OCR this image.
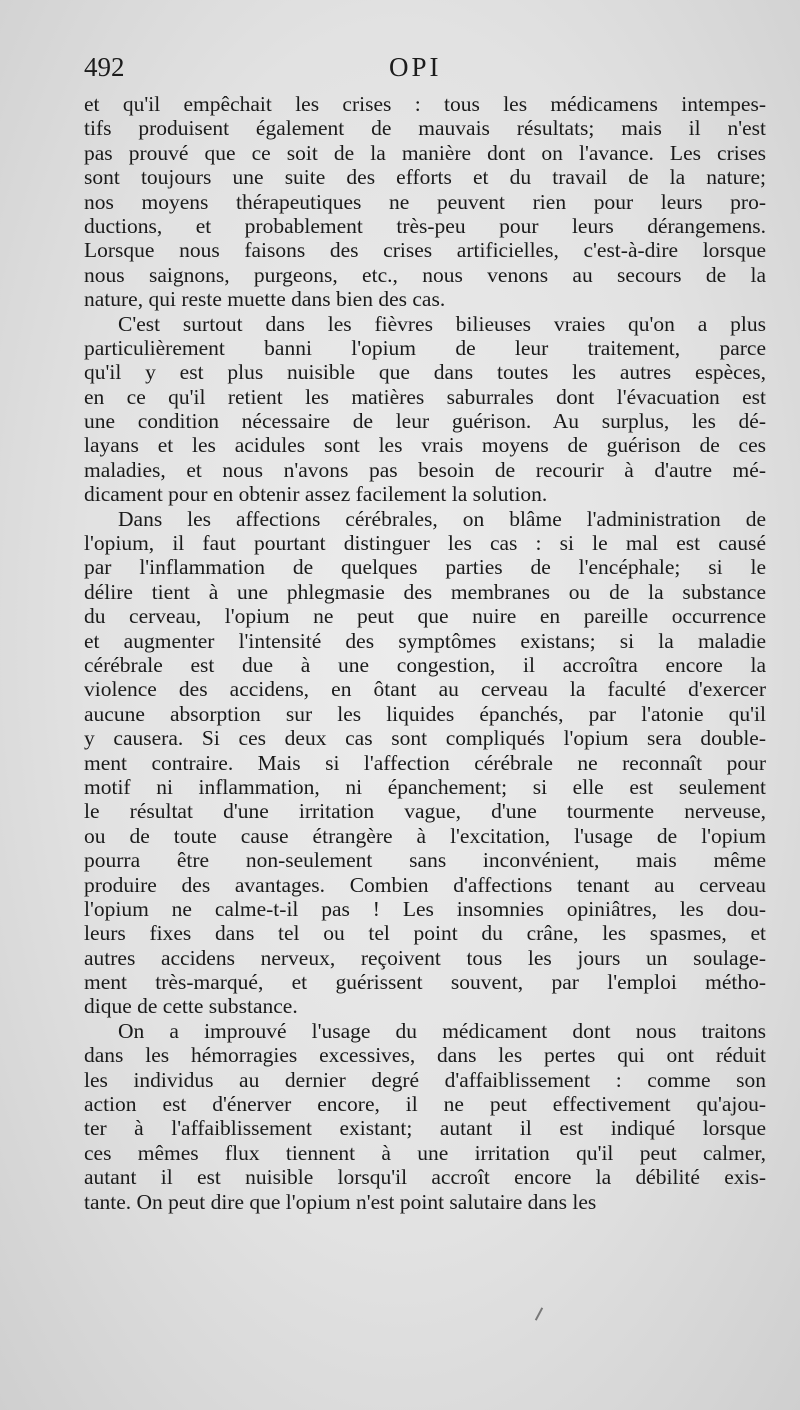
492	OPI
et qu'il empêchait les crises : tous les médicamens intempes-
tifs produisent également de mauvais résultats; mais il n'est
pas prouvé que ce soit de la manière dont on l'avance. Les crises
sont toujours une suite des efforts et du travail de la nature;
nos moyens thérapeutiques ne peuvent rien pour leurs pro-
ductions, et probablement très-peu pour leurs dérangemens.
Lorsque nous faisons des crises artificielles, c'est-à-dire lorsque
nous saignons, purgeons, etc., nous venons au secours de la
nature, qui reste muette dans bien des cas.
C'est surtout dans les fièvres bilieuses vraies qu'on a plus
particulièrement banni l'opium de leur traitement, parce
qu'il y est plus nuisible que dans toutes les autres espèces,
en ce qu'il retient les matières saburrales dont l'évacuation est
une condition nécessaire de leur guérison. Au surplus, les dé-
layans et les acidules sont les vrais moyens de guérison de ces
maladies, et nous n'avons pas besoin de recourir à d'autre mé-
dicament pour en obtenir assez facilement la solution.
Dans les affections cérébrales, on blâme l'administration de
l'opium, il faut pourtant distinguer les cas : si le mal est causé
par l'inflammation de quelques parties de l'encéphale; si le
délire tient à une phlegmasie des membranes ou de la substance
du cerveau, l'opium ne peut que nuire en pareille occurrence
et augmenter l'intensité des symptômes existans; si la maladie
cérébrale est due à une congestion, il accroîtra encore la
violence des accidens, en ôtant au cerveau la faculté d'exercer
aucune absorption sur les liquides épanchés, par l'atonie qu'il
y causera. Si ces deux cas sont compliqués l'opium sera double-
ment contraire. Mais si l'affection cérébrale ne reconnaît pour
motif ni inflammation, ni épanchement; si elle est seulement
le résultat d'une irritation vague, d'une tourmente nerveuse,
ou de toute cause étrangère à l'excitation, l'usage de l'opium
pourra être non-seulement sans inconvénient, mais même
produire des avantages. Combien d'affections tenant au cerveau
l'opium ne calme-t-il pas ! Les insomnies opiniâtres, les dou-
leurs fixes dans tel ou tel point du crâne, les spasmes, et
autres accidens nerveux, reçoivent tous les jours un soulage-
ment très-marqué, et guérissent souvent, par l'emploi métho-
dique de cette substance.
On a improuvé l'usage du médicament dont nous traitons
dans les hémorragies excessives, dans les pertes qui ont réduit
les individus au dernier degré d'affaiblissement : comme son
action est d'énerver encore, il ne peut effectivement qu'ajou-
ter à l'affaiblissement existant; autant il est indiqué lorsque
ces mêmes flux tiennent à une irritation qu'il peut calmer,
autant il est nuisible lorsqu'il accroît encore la débilité exis-
tante. On peut dire que l'opium n'est point salutaire dans les
